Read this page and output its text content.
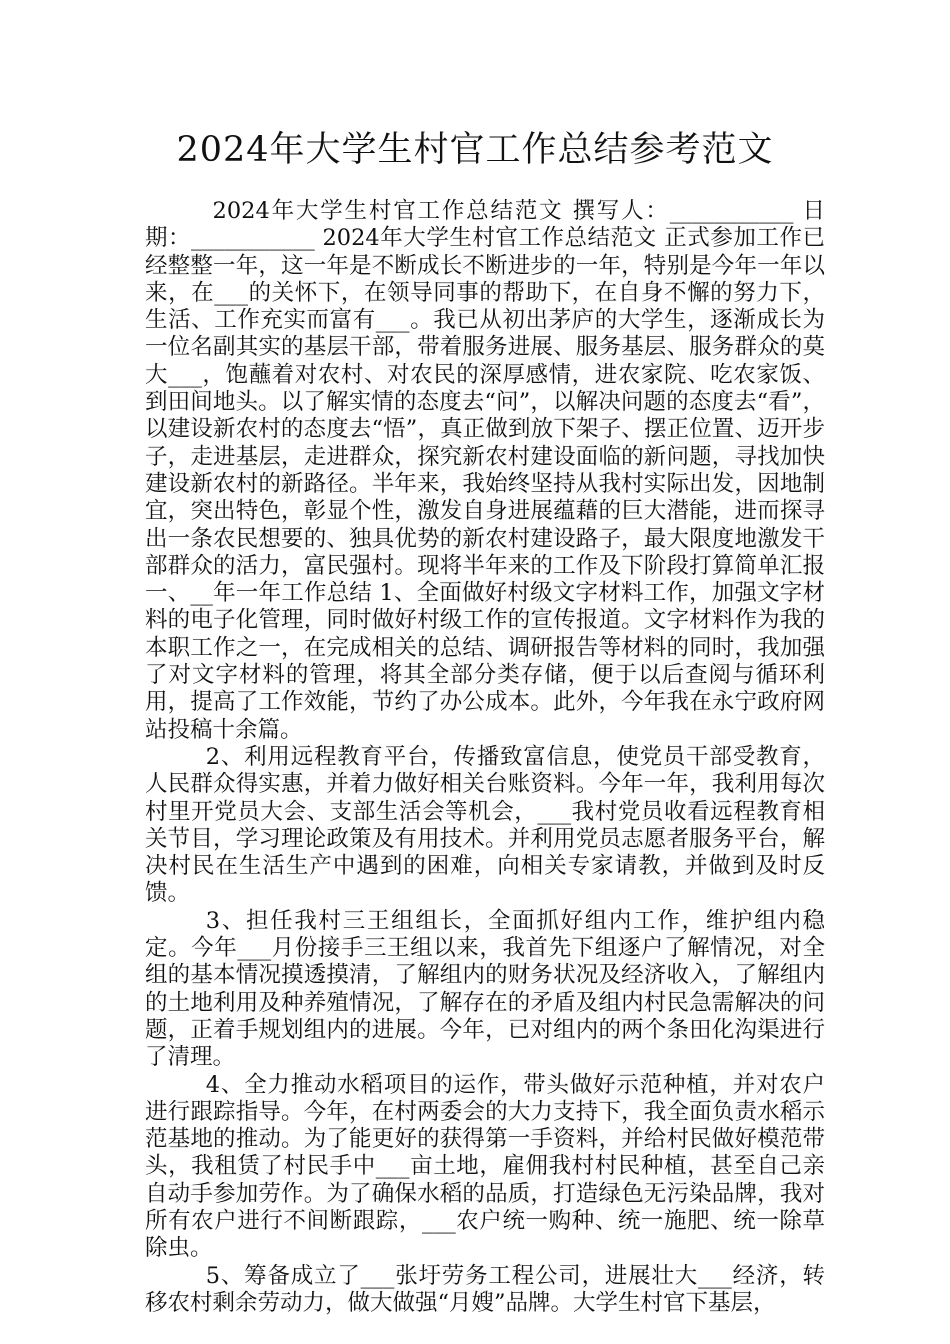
2024年大学生村官工作总结参考范文

2024年大学生村官工作总结范文 撰写人：___________ 日期：___________ 2024年大学生村官工作总结范文 正式参加工作已经整整一年，这一年是不断成长不断进步的一年，特别是今年一年以来，在___的关怀下，在领导同事的帮助下，在自身不懈的努力下，生活、工作充实而富有___。我已从初出茅庐的大学生，逐渐成长为一位名副其实的基层干部，带着服务进展、服务基层、服务群众的莫大___，饱蘸着对农村、对农民的深厚感情，进农家院、吃农家饭、到田间地头。以了解实情的态度去“问”，以解决问题的态度去“看”，以建设新农村的态度去“悟”，真正做到放下架子、摆正位置、迈开步子，走进基层，走进群众，探究新农村建设面临的新问题，寻找加快建设新农村的新路径。半年来，我始终坚持从我村实际出发，因地制宜，突出特色，彰显个性，激发自身进展蕴藉的巨大潜能，进而探寻出一条农民想要的、独具优势的新农村建设路子，最大限度地激发干部群众的活力，富民强村。现将半年来的工作及下阶段打算简单汇报 一、__年一年工作总结 1、全面做好村级文字材料工作，加强文字材料的电子化管理，同时做好村级工作的宣传报道。文字材料作为我的本职工作之一，在完成相关的总结、调研报告等材料的同时，我加强了对文字材料的管理，将其全部分类存储，便于以后查阅与循环利用，提高了工作效能，节约了办公成本。此外，今年我在永宁政府网站投稿十余篇。

2、利用远程教育平台，传播致富信息，使党员干部受教育，人民群众得实惠，并着力做好相关台账资料。今年一年，我利用每次村里开党员大会、支部生活会等机会，___我村党员收看远程教育相关节目，学习理论政策及有用技术。并利用党员志愿者服务平台，解决村民在生活生产中遇到的困难，向相关专家请教，并做到及时反馈。

3、担任我村三王组组长，全面抓好组内工作，维护组内稳定。今年___月份接手三王组以来，我首先下组逐户了解情况，对全组的基本情况摸透摸清，了解组内的财务状况及经济收入，了解组内的土地利用及种养殖情况，了解存在的矛盾及组内村民急需解决的问题，正着手规划组内的进展。今年，已对组内的两个条田化沟渠进行了清理。

4、全力推动水稻项目的运作，带头做好示范种植，并对农户进行跟踪指导。今年，在村两委会的大力支持下，我全面负责水稻示范基地的推动。为了能更好的获得第一手资料，并给村民做好模范带头，我租赁了村民手中___亩土地，雇佣我村村民种植，甚至自己亲自动手参加劳作。为了确保水稻的品质，打造绿色无污染品牌，我对所有农户进行不间断跟踪，___农户统一购种、统一施肥、统一除草除虫。

5、筹备成立了___张圩劳务工程公司，进展壮大___经济，转移农村剩余劳动力，做大做强“月嫂”品牌。大学生村官下基层，
